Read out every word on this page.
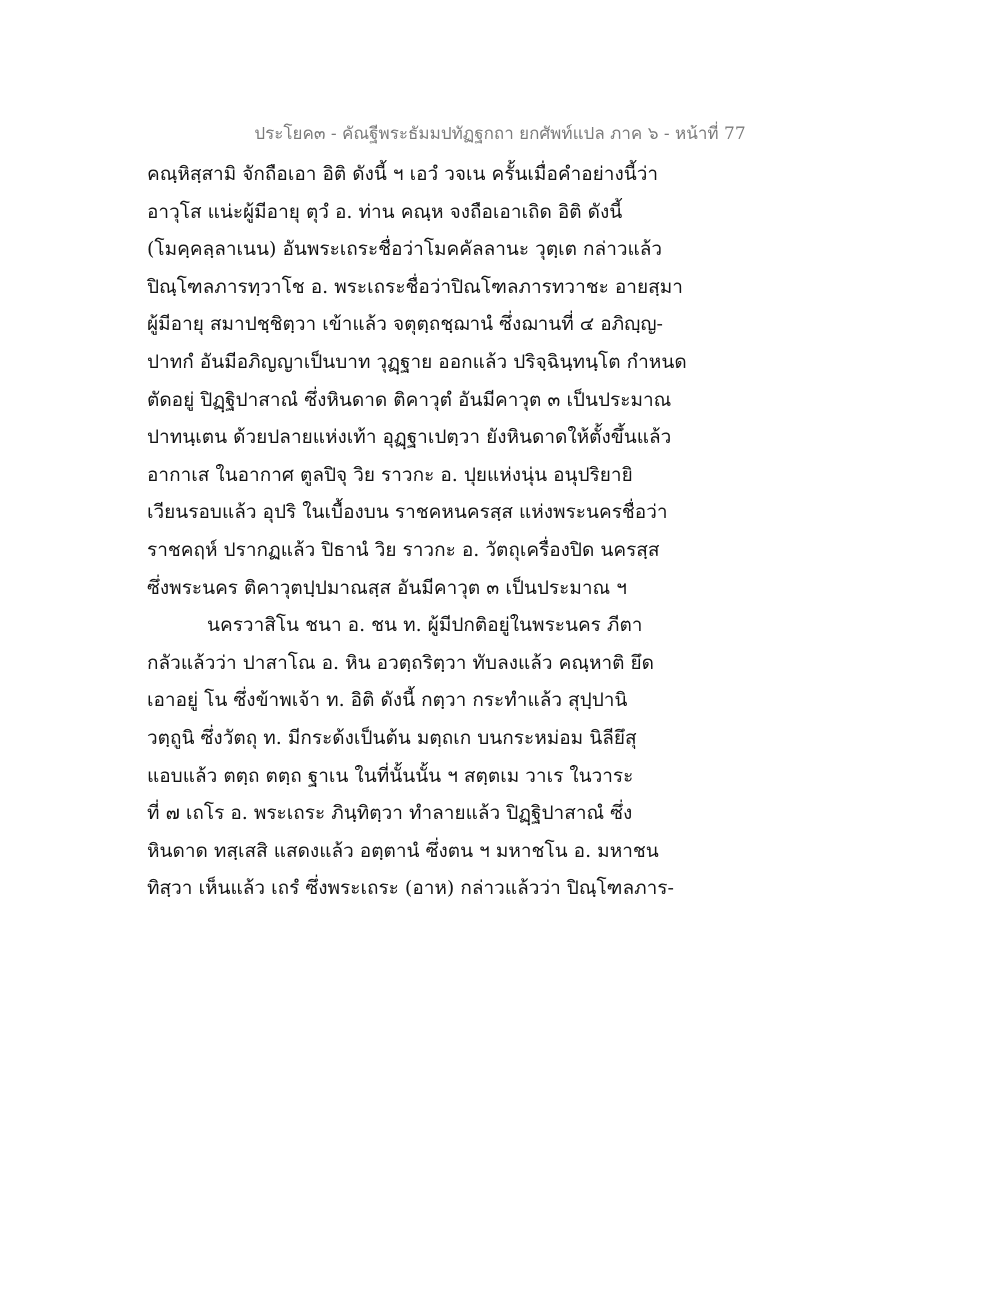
ประโยค๓ - คัณฐีพระธัมมปทัฏฐกถา ยกศัพท์แปล ภาค ๖ - หน้าที่ 77
คณฺหิสฺสามิ จักถือเอา อิติ ดังนี้ ฯ เอวํ วจเน ครั้นเมื่อคำอย่างนี้ว่า
อาวุโส แน่ะผู้มีอายุ ตุวํ อ. ท่าน คณฺห จงถือเอาเถิด อิติ ดังนี้
(โมคฺคลฺลาเนน) อันพระเถระชื่อว่าโมคคัลลานะ วุตฺเต กล่าวแล้ว
ปิณฺโฑลภารทฺวาโช อ. พระเถระชื่อว่าปิณโฑลภารทวาชะ อายสฺมา
ผู้มีอายุ สมาปชฺชิตฺวา เข้าแล้ว จตุตฺถชฺฌานํ ซึ่งฌานที่ ๔ อภิญฺญ-
ปาทกํ อันมีอภิญญาเป็นบาท วุฏฺฐาย ออกแล้ว ปริจฺฉินฺทนฺโต กำหนด
ตัดอยู่ ปิฏฺฐิปาสาณํ ซึ่งหินดาด ติคาวุตํ อันมีคาวุต ๓ เป็นประมาณ
ปาทนฺเตน ด้วยปลายแห่งเท้า อุฏฺฐาเปตฺวา ยังหินดาดให้ตั้งขึ้นแล้ว
อากาเส ในอากาศ ตูลปิจุ วิย ราวกะ อ. ปุยแห่งนุ่น อนุปริยายิ
เวียนรอบแล้ว อุปริ ในเบื้องบน ราชคหนครสฺส แห่งพระนครชื่อว่า
ราชคฤห์ ปรากฏแล้ว ปิธานํ วิย ราวกะ อ. วัตถุเครื่องปิด นครสฺส
ซึ่งพระนคร ติคาวุตปฺปมาณสฺส อันมีคาวุต ๓ เป็นประมาณ ฯ
นครวาสิโน ชนา อ. ชน ท. ผู้มีปกติอยู่ในพระนคร ภีตา
กลัวแล้วว่า ปาสาโณ อ. หิน อวตฺถริตฺวา ทับลงแล้ว คณฺหาติ ยึด
เอาอยู่ โน ซึ่งข้าพเจ้า ท. อิติ ดังนี้ กตฺวา กระทำแล้ว สุปฺปานิ
วตฺถูนิ ซึ่งวัตถุ ท. มีกระด้งเป็นต้น มตฺถเก บนกระหม่อม นิลียึสุ
แอบแล้ว ตตฺถ ตตฺถ ฐาเน ในที่นั้นนั้น ฯ สตฺตเม วาเร ในวาระ
ที่ ๗ เถโร อ. พระเถระ ภินฺทิตฺวา ทำลายแล้ว ปิฏฺฐิปาสาณํ ซึ่ง
หินดาด ทสฺเสสิ แสดงแล้ว อตฺตานํ ซึ่งตน ฯ มหาชโน อ. มหาชน
ทิสฺวา เห็นแล้ว เถรํ ซึ่งพระเถระ (อาห) กล่าวแล้วว่า ปิณฺโฑลภาร-
